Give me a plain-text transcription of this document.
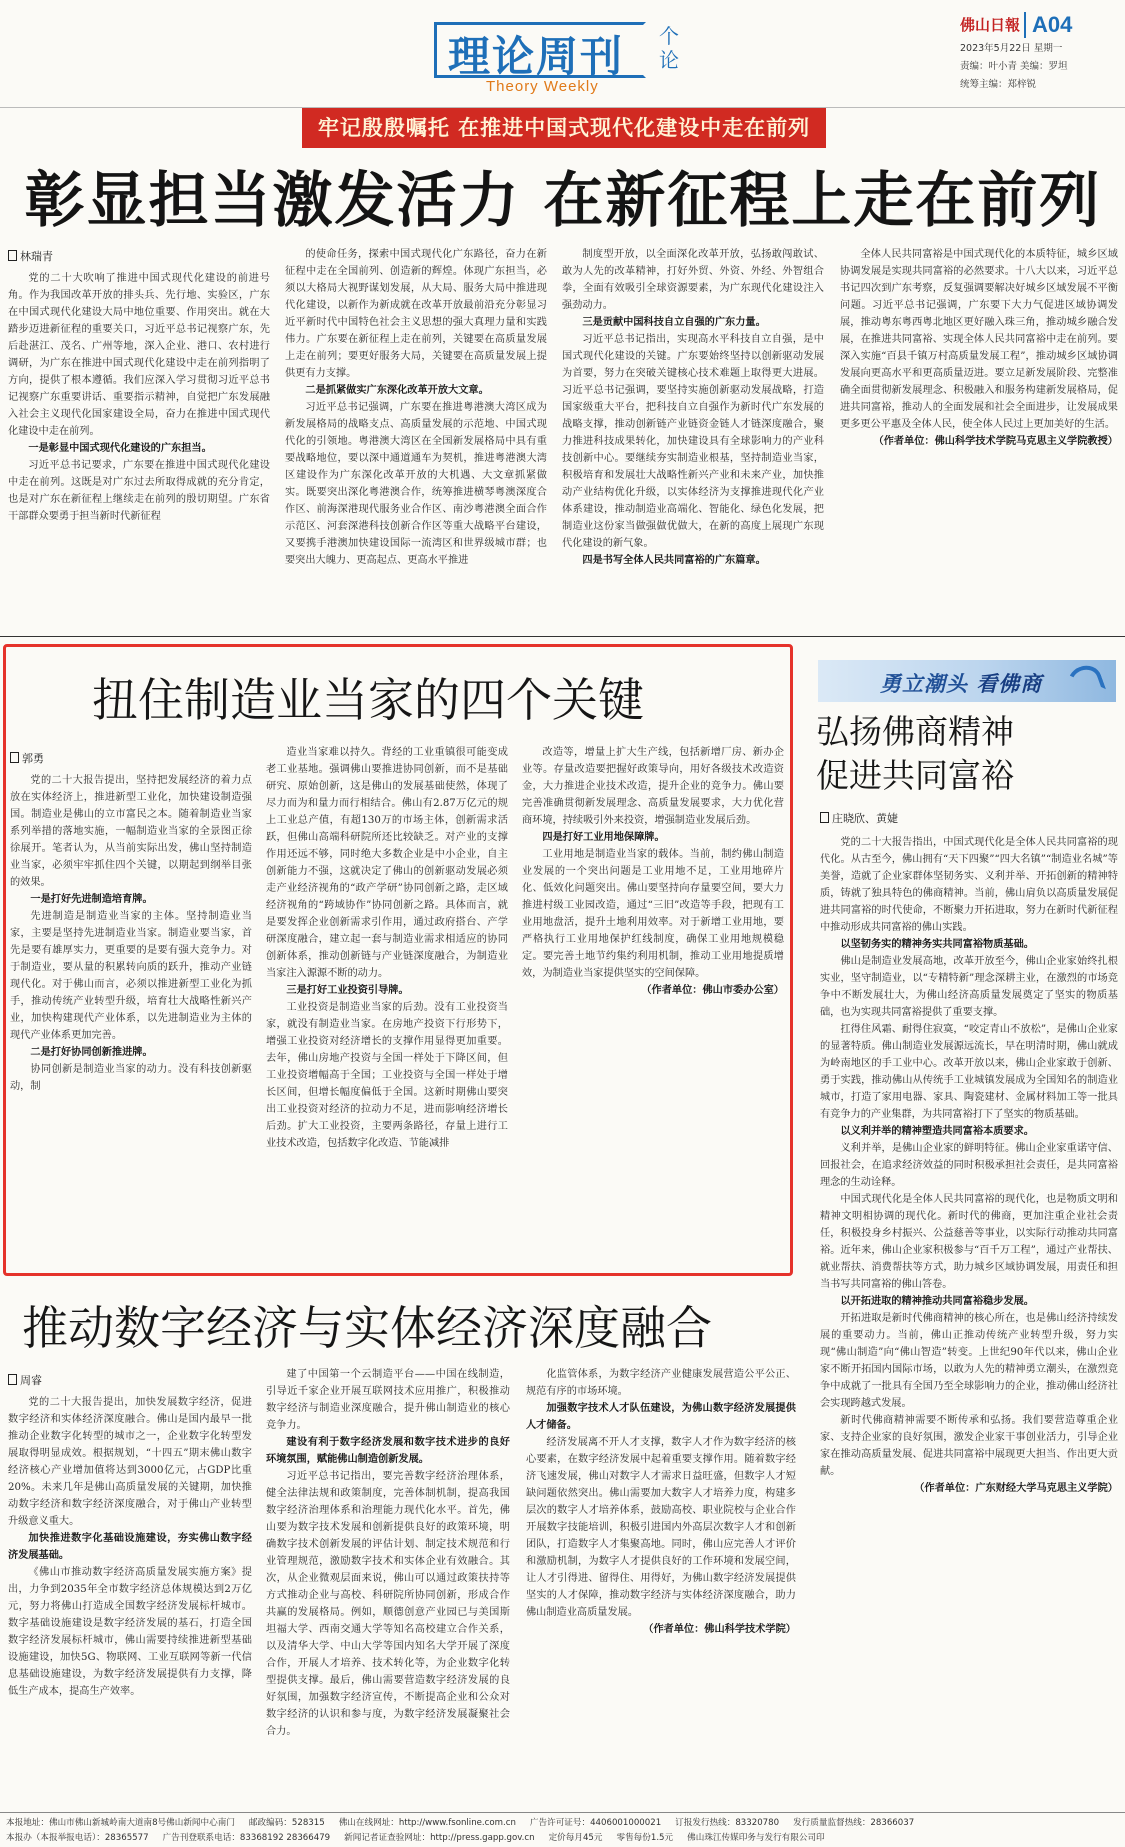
理论周刊
Theory Weekly
个论
佛山日報 A04
2023年5月22日 星期一
责编：叶小青 美编：罗坦
统筹主编：郑梓锐
牢记殷殷嘱托 在推进中国式现代化建设中走在前列
彰显担当激发活力 在新征程上走在前列
林瑞青

党的二十大吹响了推进中国式现代化建设的前进号角。作为我国改革开放的排头兵、先行地、实验区，广东在中国式现代化建设大局中地位重要、作用突出。就在大踏步迈进新征程的重要关口，习近平总书记视察广东，先后赴湛江、茂名、广州等地，深入企业、港口、农村进行调研，为广东在推进中国式现代化建设中走在前列指明了方向，提供了根本遵循。我们应深入学习贯彻习近平总书记视察广东重要讲话、重要指示精神，自觉把广东发展融入社会主义现代化国家建设全局，奋力在推进中国式现代化建设中走在前列。

一是彰显中国式现代化建设的广东担当。

习近平总书记要求，广东要在推进中国式现代化建设中走在前列。这既是对广东过去所取得成就的充分肯定，也是对广东在新征程上继续走在前列的殷切期望。广东省干部群众要勇于担当新时代新征程

的使命任务，探索中国式现代化广东路径，奋力在新征程中走在全国前列、创造新的辉煌。体现广东担当，必须以大格局大视野谋划发展，从大局、服务大局中推进现代化建设，以新作为新成就在改革开放最前沿充分彰显习近平新时代中国特色社会主义思想的强大真理力量和实践伟力。广东要在新征程上走在前列，关键要在高质量发展上走在前列；要更好服务大局，关键要在高质量发展上提供更有力支撑。

二是抓紧做实广东深化改革开放大文章。

习近平总书记强调，广东要在推进粤港澳大湾区成为新发展格局的战略支点、高质量发展的示范地、中国式现代化的引领地。粤港澳大湾区在全国新发展格局中具有重要战略地位，要以深中通道通车为契机，推进粤港澳大湾区建设作为广东深化改革开放的大机遇、大文章抓紧做实。既要突出深化粤港澳合作，统筹推进横琴粤澳深度合作区、前海深港现代服务业合作区、南沙粤港澳全面合作示范区、河套深港科技创新合作区等重大战略平台建设，又要携手港澳加快建设国际一流湾区和世界级城市群；也要突出大魄力、更高起点、更高水平推进

制度型开放，以全面深化改革开放，弘扬敢闯敢试、敢为人先的改革精神，打好外贸、外资、外经、外智组合拳，全面有效吸引全球资源要素，为广东现代化建设注入强劲动力。

三是贡献中国科技自立自强的广东力量。

习近平总书记指出，实现高水平科技自立自强，是中国式现代化建设的关键。广东要始终坚持以创新驱动发展为首要，努力在突破关键核心技术难题上取得更大进展。习近平总书记强调，要坚持实施创新驱动发展战略，打造国家级重大平台，把科技自立自强作为新时代广东发展的战略支撑，推动创新链产业链资金链人才链深度融合，聚力推进科技成果转化，加快建设具有全球影响力的产业科技创新中心。要继续夯实制造业根基，坚持制造业当家，积极培育和发展壮大战略性新兴产业和未来产业，加快推动产业结构优化升级，以实体经济为支撑推进现代化产业体系建设，推动制造业高端化、智能化、绿色化发展，把制造业这份家当做强做优做大，在新的高度上展现广东现代化建设的新气象。

四是书写全体人民共同富裕的广东篇章。

全体人民共同富裕是中国式现代化的本质特征，城乡区域协调发展是实现共同富裕的必然要求。十八大以来，习近平总书记四次到广东考察，反复强调要解决好城乡区域发展不平衡问题。习近平总书记强调，广东要下大力气促进区域协调发展，推动粤东粤西粤北地区更好融入珠三角，推动城乡融合发展，在推进共同富裕、实现全体人民共同富裕中走在前列。要深入实施“百县千镇万村高质量发展工程”，推动城乡区域协调发展向更高水平和更高质量迈进。要立足新发展阶段、完整准确全面贯彻新发展理念、积极融入和服务构建新发展格局，促进共同富裕，推动人的全面发展和社会全面进步，让发展成果更多更公平惠及全体人民，使全体人民过上更加美好的生活。

（作者单位：佛山科学技术学院马克思主义学院教授）

扭住制造业当家的四个关键
郭勇

党的二十大报告提出，坚持把发展经济的着力点放在实体经济上，推进新型工业化，加快建设制造强国。制造业是佛山的立市富民之本。随着制造业当家系列举措的落地实施，一幅制造业当家的全景图正徐徐展开。笔者认为，从当前实际出发，佛山坚持制造业当家，必须牢牢抓住四个关键，以期起到纲举目张的效果。

一是打好先进制造培育牌。

先进制造是制造业当家的主体。坚持制造业当家，主要是坚持先进制造业当家。制造业要当家，首先是要有雄厚实力，更重要的是要有强大竞争力。对于制造业，要从量的积累转向质的跃升，推动产业链现代化。对于佛山而言，必须以推进新型工业化为抓手，推动传统产业转型升级，培育壮大战略性新兴产业，加快构建现代产业体系，以先进制造业为主体的现代产业体系更加完善。

二是打好协同创新推进牌。

协同创新是制造业当家的动力。没有科技创新驱动，制

造业当家难以持久。背经的工业重镇很可能变成老工业基地。强调佛山要推进协同创新，而不是基础研究、原始创新，这是佛山的发展基础使然，体现了尽力而为和量力而行相结合。佛山有2.87万亿元的规上工业总产值，有超130万的市场主体，创新需求活跃，但佛山高端科研院所还比较缺乏。对产业的支撑作用还远不够，同时绝大多数企业是中小企业，自主创新能力不强，这就决定了佛山的创新驱动发展必须走产业经济视角的“政产学研”协同创新之路，走区域经济视角的“跨域协作”协同创新之路。具体而言，就是要发挥企业创新需求引作用，通过政府搭台、产学研深度融合，建立起一套与制造业需求相适应的协同创新体系，推动创新链与产业链深度融合，为制造业当家注入源源不断的动力。

三是打好工业投资引导牌。

工业投资是制造业当家的后劲。没有工业投资当家，就没有制造业当家。在房地产投资下行形势下，增强工业投资对经济增长的支撑作用显得更加重要。去年，佛山房地产投资与全国一样处于下降区间，但工业投资增幅高于全国；工业投资与全国一样处于增长区间，但增长幅度偏低于全国。这新时期佛山要突出工业投资对经济的拉动力不足，进而影响经济增长后劲。扩大工业投资，主要两条路径，存量上进行工业技术改造，包括数字化改造、节能减排

改造等，增量上扩大生产线，包括新增厂房、新办企业等。存量改造要把握好政策导向，用好各级技术改造资金，大力推进企业技术改造，提升企业的竞争力。佛山要完善准确贯彻新发展理念、高质量发展要求，大力优化营商环境，持续吸引外来投资，增强制造业发展后劲。

四是打好工业用地保障牌。

工业用地是制造业当家的载体。当前，制约佛山制造业发展的一个突出问题是工业用地不足，工业用地碎片化、低效化问题突出。佛山要坚持向存量要空间，要大力推进村级工业园改造，通过“三旧”改造等手段，把现有工业用地盘活，提升土地利用效率。对于新增工业用地，要严格执行工业用地保护红线制度，确保工业用地规模稳定。要完善土地节约集约利用机制，推动工业用地提质增效，为制造业当家提供坚实的空间保障。

（作者单位：佛山市委办公室）

勇立潮头 看佛商
弘扬佛商精神
促进共同富裕
庄晓欣、黄婕

党的二十大报告指出，中国式现代化是全体人民共同富裕的现代化。从古至今，佛山拥有“天下四聚”“四大名镇”“制造业名城”等美誉，造就了企业家群体坚韧务实、义利并举、开拓创新的精神特质，铸就了独具特色的佛商精神。当前，佛山肩负以高质量发展促进共同富裕的时代使命，不断聚力开拓进取，努力在新时代新征程中推动形成共同富裕的佛山实践。

以坚韧务实的精神务实共同富裕物质基础。

佛山是制造业发展高地，改革开放至今，佛山企业家始终扎根实业，坚守制造业，以“专精特新”理念深耕主业，在激烈的市场竞争中不断发展壮大，为佛山经济高质量发展奠定了坚实的物质基础，也为实现共同富裕提供了重要支撑。

扛得住风霜、耐得住寂寞，“咬定青山不放松”，是佛山企业家的显著特质。佛山制造业发展源远流长，早在明清时期，佛山就成为岭南地区的手工业中心。改革开放以来，佛山企业家敢于创新、勇于实践，推动佛山从传统手工业城镇发展成为全国知名的制造业城市，打造了家用电器、家具、陶瓷建材、金属材料加工等一批具有竞争力的产业集群，为共同富裕打下了坚实的物质基础。

以义利并举的精神塑造共同富裕本质要求。

义利并举，是佛山企业家的鲜明特征。佛山企业家重诺守信、回报社会，在追求经济效益的同时积极承担社会责任，是共同富裕理念的生动诠释。

中国式现代化是全体人民共同富裕的现代化，也是物质文明和精神文明相协调的现代化。新时代的佛商，更加注重企业社会责任，积极投身乡村振兴、公益慈善等事业，以实际行动推动共同富裕。近年来，佛山企业家积极参与“百千万工程”，通过产业帮扶、就业帮扶、消费帮扶等方式，助力城乡区域协调发展，用责任和担当书写共同富裕的佛山答卷。

以开拓进取的精神推动共同富裕稳步发展。

开拓进取是新时代佛商精神的核心所在，也是佛山经济持续发展的重要动力。当前，佛山正推动传统产业转型升级，努力实现“佛山制造”向“佛山智造”转变。上世纪90年代以来，佛山企业家不断开拓国内国际市场，以敢为人先的精神勇立潮头，在激烈竞争中成就了一批具有全国乃至全球影响力的企业，推动佛山经济社会实现跨越式发展。

新时代佛商精神需要不断传承和弘扬。我们要营造尊重企业家、支持企业家的良好氛围，激发企业家干事创业活力，引导企业家在推动高质量发展、促进共同富裕中展现更大担当、作出更大贡献。

（作者单位：广东财经大学马克思主义学院）

推动数字经济与实体经济深度融合
周睿

党的二十大报告提出，加快发展数字经济，促进数字经济和实体经济深度融合。佛山是国内最早一批推动企业数字化转型的城市之一，企业数字化转型发展取得明显成效。根据规划，“十四五”期末佛山数字经济核心产业增加值将达到3000亿元，占GDP比重20%。未来几年是佛山高质量发展的关键期，加快推动数字经济和数字经济深度融合，对于佛山产业转型升级意义重大。

加快推进数字化基础设施建设，夯实佛山数字经济发展基础。

《佛山市推动数字经济高质量发展实施方案》提出，力争到2035年全市数字经济总体规模达到2万亿元，努力将佛山打造成全国数字经济发展标杆城市。数字基础设施建设是数字经济发展的基石，打造全国数字经济发展标杆城市，佛山需要持续推进新型基础设施建设，加快5G、物联网、工业互联网等新一代信息基础设施建设，为数字经济发展提供有力支撑，降低生产成本，提高生产效率。

建了中国第一个云制造平台——中国在线制造，引导近千家企业开展互联网技术应用推广，积极推动数字经济与制造业深度融合，提升佛山制造业的核心竞争力。

建设有利于数字经济发展和数字技术进步的良好环境氛围，赋能佛山制造创新发展。

习近平总书记指出，要完善数字经济治理体系，健全法律法规和政策制度，完善体制机制，提高我国数字经济治理体系和治理能力现代化水平。首先，佛山要为数字技术发展和创新提供良好的政策环境，明确数字技术创新发展的评估计划、制定技术规范和行业管理规范，激励数字技术和实体企业有效融合。其次，从企业微观层面来说，佛山可以通过政策扶持等方式推动企业与高校、科研院所协同创新，形成合作共赢的发展格局。例如，顺德创意产业园已与美国斯坦福大学、西南交通大学等知名高校建立合作关系，以及清华大学、中山大学等国内知名大学开展了深度合作，开展人才培养、技术转化等，为企业数字化转型提供支撑。最后，佛山需要营造数字经济发展的良好氛围，加强数字经济宣传，不断提高企业和公众对数字经济的认识和参与度，为数字经济发展凝聚社会合力。

化监管体系，为数字经济产业健康发展营造公平公正、规范有序的市场环境。

加强数字技术人才队伍建设，为佛山数字经济发展提供人才储备。

经济发展离不开人才支撑，数字人才作为数字经济的核心要素，在数字经济发展中起着重要支撑作用。随着数字经济飞速发展，佛山对数字人才需求日益旺盛，但数字人才短缺问题依然突出。佛山需要加大数字人才培养力度，构建多层次的数字人才培养体系，鼓励高校、职业院校与企业合作开展数字技能培训，积极引进国内外高层次数字人才和创新团队，打造数字人才集聚高地。同时，佛山应完善人才评价和激励机制，为数字人才提供良好的工作环境和发展空间，让人才引得进、留得住、用得好，为佛山数字经济发展提供坚实的人才保障，推动数字经济与实体经济深度融合，助力佛山制造业高质量发展。

（作者单位：佛山科学技术学院）

本报地址：佛山市佛山新城岭南大道南8号佛山新闻中心南门 邮政编码：528315 佛山在线网址：http://www.fsonline.com.cn 广告许可证号：4406001000021 订报发行热线：83320780 发行质量监督热线：28366037
本报办（本报举报电话）：28365577 广告刊登联系电话：83368192 28366479 新闻记者证查验网址：http://press.gapp.gov.cn 定价每月45元 零售每份1.5元 佛山珠江传媒印务与发行有限公司印
